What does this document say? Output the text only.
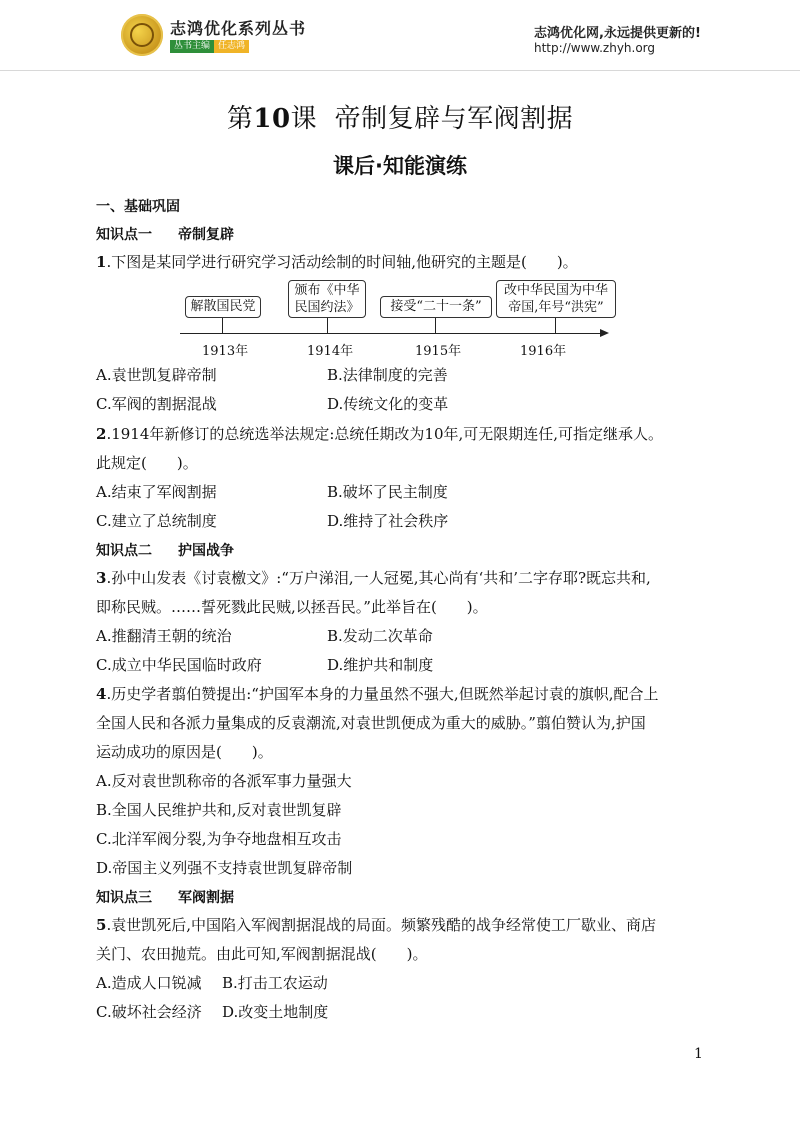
志鸿优化系列丛书
丛书主编 任志鸿
志鸿优化网,永远提供更新的!
http://www.zhyh.org
第10课  帝制复辟与军阀割据
课后·知能演练
一、基础巩固
知识点一 帝制复辟
1.下图是某同学进行研究学习活动绘制的时间轴,他研究的主题是(　　)。
解散国民党
颁布《中华
民国约法》	接受“二十一条”
改中华民国为中华
帝国,年号“洪宪”
1913年	1914年	1915年	1916年
A.袁世凯复辟帝制	B.法律制度的完善
C.军阀的割据混战	D.传统文化的变革
2.1914年新修订的总统选举法规定:总统任期改为10年,可无限期连任,可指定继承人。
此规定(　　)。
A.结束了军阀割据	B.破坏了民主制度
C.建立了总统制度	D.维持了社会秩序
知识点二 护国战争
3.孙中山发表《讨袁檄文》:“万户涕泪,一人冠冕,其心尚有‘共和’二字存耶?既忘共和,
即称民贼。……誓死戮此民贼,以拯吾民。”此举旨在(　　)。
A.推翻清王朝的统治	B.发动二次革命
C.成立中华民国临时政府	D.维护共和制度
4.历史学者翦伯赞提出:“护国军本身的力量虽然不强大,但既然举起讨袁的旗帜,配合上
全国人民和各派力量集成的反袁潮流,对袁世凯便成为重大的威胁。”翦伯赞认为,护国
运动成功的原因是(　　)。
A.反对袁世凯称帝的各派军事力量强大
B.全国人民维护共和,反对袁世凯复辟
C.北洋军阀分裂,为争夺地盘相互攻击
D.帝国主义列强不支持袁世凯复辟帝制
知识点三 军阀割据
5.袁世凯死后,中国陷入军阀割据混战的局面。频繁残酷的战争经常使工厂歇业、商店
关门、农田抛荒。由此可知,军阀割据混战(　　)。
A.造成人口锐减 B.打击工农运动
C.破坏社会经济 D.改变土地制度
1
